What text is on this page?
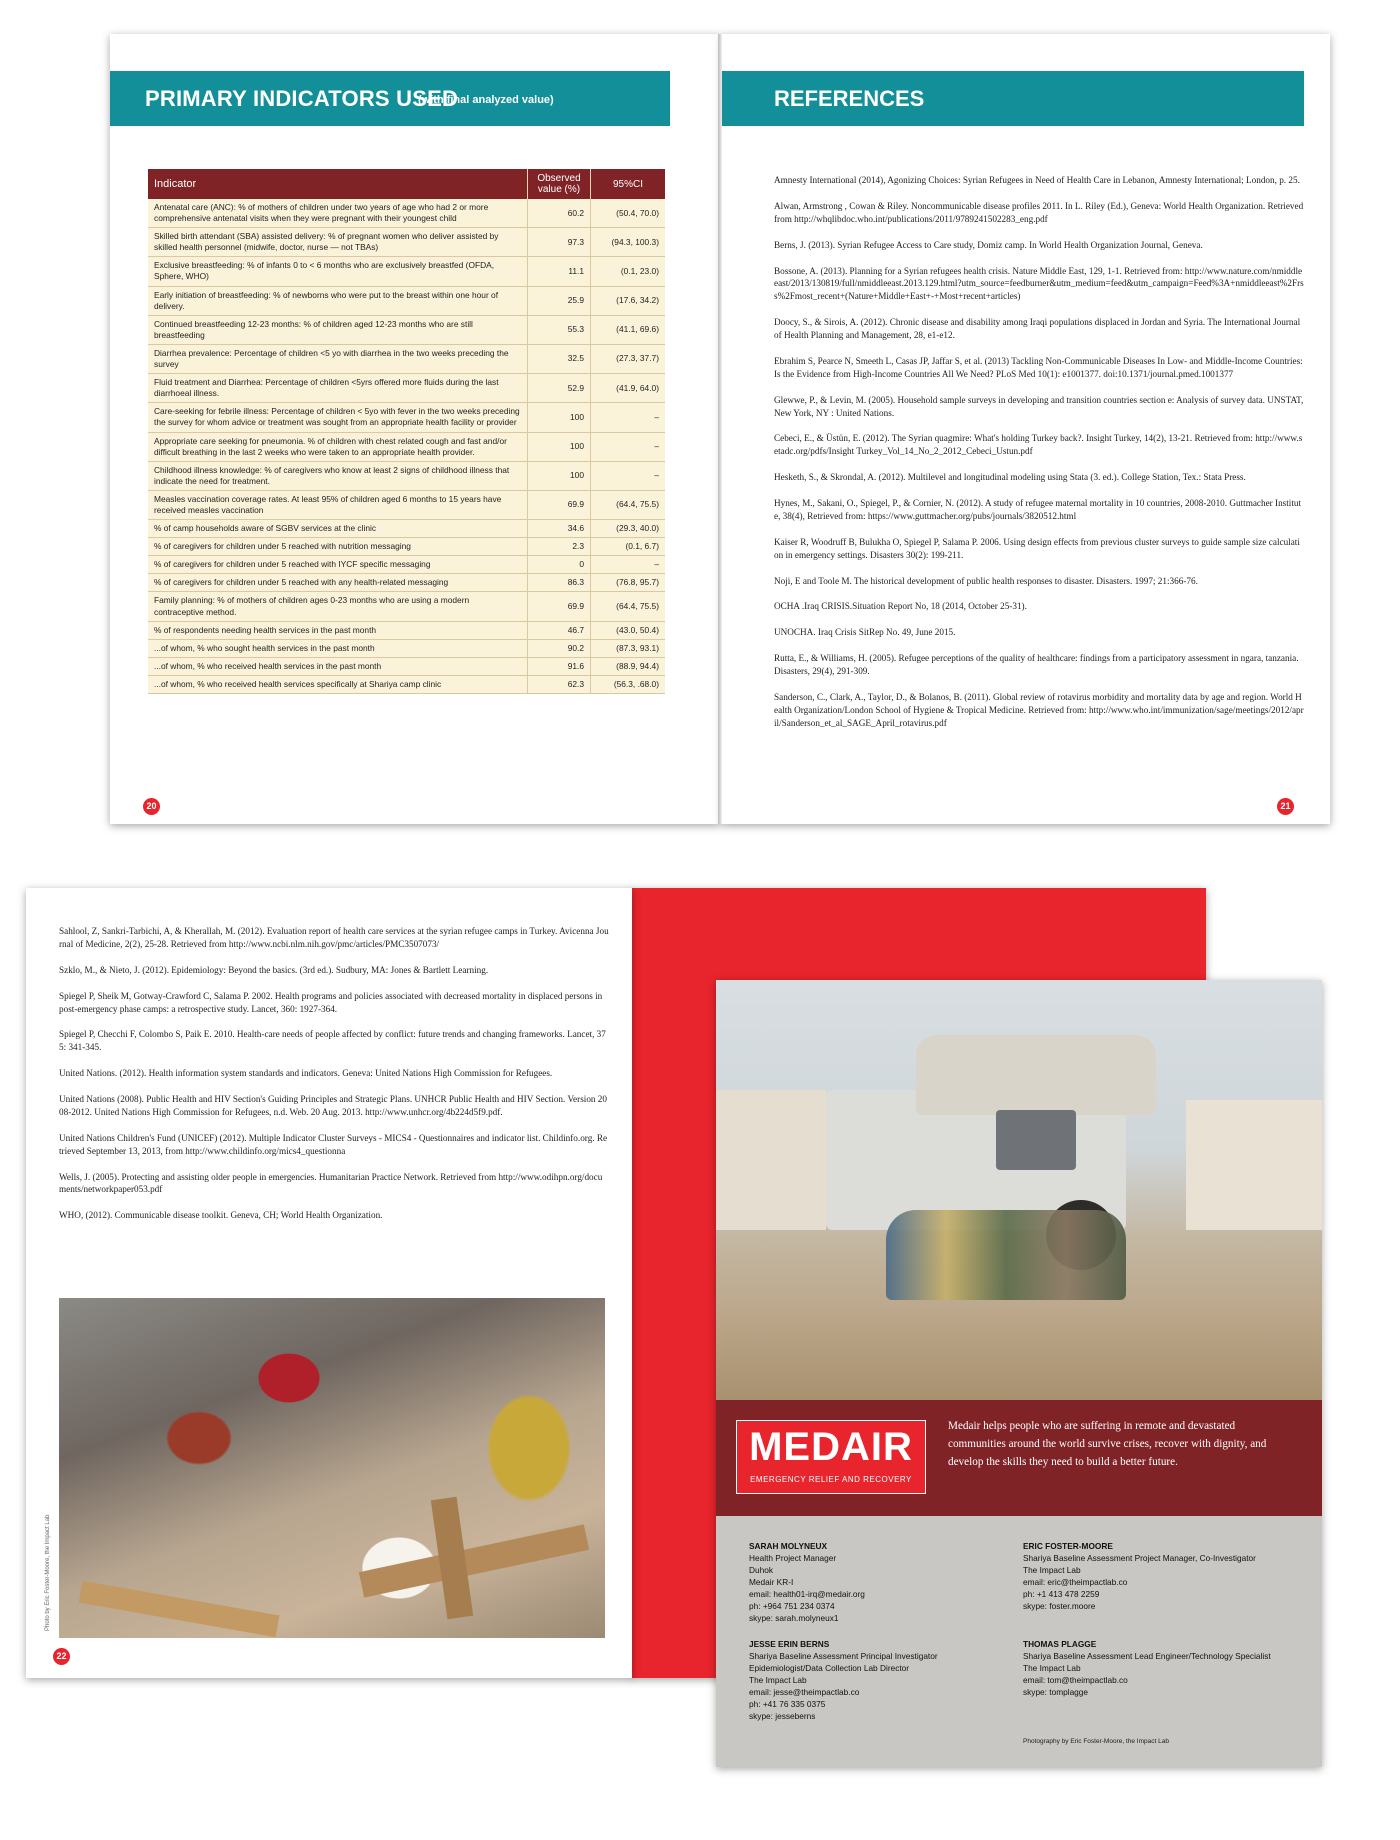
PRIMARY INDICATORS USED
(with final analyzed value)
Indicator	Observed value (%)	95%CI
Antenatal care (ANC): % of mothers of children under two years of age who had 2 or more comprehensive antenatal visits when they were pregnant with their youngest child	60.2	(50.4, 70.0)
Skilled birth attendant (SBA) assisted delivery: % of pregnant women who deliver assisted by skilled health personnel (midwife, doctor, nurse — not TBAs)	97.3	(94.3, 100.3)
Exclusive breastfeeding: % of infants 0 to < 6 months who are exclusively breastfed (OFDA, Sphere, WHO)	11.1	(0.1, 23.0)
Early initiation of breastfeeding: % of newborns who were put to the breast within one hour of delivery.	25.9	(17.6, 34.2)
Continued breastfeeding 12-23 months: % of children aged 12-23 months who are still breastfeeding	55.3	(41.1, 69.6)
Diarrhea prevalence: Percentage of children <5 yo with diarrhea in the two weeks preceding the survey	32.5	(27.3, 37.7)
Fluid treatment and Diarrhea: Percentage of children <5yrs offered more fluids during the last diarrhoeal illness.	52.9	(41.9, 64.0)
Care-seeking for febrile illness: Percentage of children < 5yo with fever in the two weeks preceding the survey for whom advice or treatment was sought from an appropriate health facility or provider	100	–
Appropriate care seeking for pneumonia. % of children with chest related cough and fast and/or difficult breathing in the last 2 weeks who were taken to an appropriate health provider.	100	–
Childhood illness knowledge: % of caregivers who know at least 2 signs of childhood illness that indicate the need for treatment.	100	–
Measles vaccination coverage rates. At least 95% of children aged 6 months to 15 years have received measles vaccination	69.9	(64.4, 75.5)
% of camp households aware of SGBV services at the clinic	34.6	(29.3, 40.0)
% of caregivers for children under 5 reached with nutrition messaging	2.3	(0.1, 6.7)
% of caregivers for children under 5 reached with IYCF specific messaging	0	–
% of caregivers for children under 5 reached with any health-related messaging	86.3	(76.8, 95.7)
Family planning: % of mothers of children ages 0-23 months who are using a modern contraceptive method.	69.9	(64.4, 75.5)
% of respondents needing health services in the past month	46.7	(43.0, 50.4)
...of whom, % who sought health services in the past month	90.2	(87.3, 93.1)
...of whom, % who received health services in the past month	91.6	(88.9, 94.4)
...of whom, % who received health services specifically at Shariya camp clinic	62.3	(56.3, .68.0)
20
REFERENCES

Amnesty International (2014), Agonizing Choices: Syrian Refugees in Need of Health Care in Lebanon, Amnesty International; London, p. 25.

Alwan, Armstrong , Cowan & Riley. Noncommunicable disease profiles 2011. In L. Riley (Ed.), Geneva: World Health Organization. Retrieved from http://whqlibdoc.who.int/publications/2011/9789241502283_eng.pdf

Berns, J. (2013). Syrian Refugee Access to Care study, Domiz camp. In World Health Organization Journal, Geneva.

Bossone, A. (2013). Planning for a Syrian refugees health crisis. Nature Middle East, 129, 1-1. Retrieved from: http://www.nature.com/nmiddleeast/2013/130819/full/nmiddleeast.2013.129.html?utm_source=feedburner&utm_medium=feed&utm_campaign=Feed%3A+nmiddleeast%2Frss%2Fmost_recent+(Nature+Middle+East+-+Most+recent+articles)

Doocy, S., & Sirois, A. (2012). Chronic disease and disability among Iraqi populations displaced in Jordan and Syria. The International Journal of Health Planning and Management, 28, e1-e12.

Ebrahim S, Pearce N, Smeeth L, Casas JP, Jaffar S, et al. (2013) Tackling Non-Communicable Diseases In Low- and Middle-Income Countries: Is the Evidence from High-Income Countries All We Need? PLoS Med 10(1): e1001377. doi:10.1371/journal.pmed.1001377

Glewwe, P., & Levin, M. (2005). Household sample surveys in developing and transition countries section e: Analysis of survey data. UNSTAT, New York, NY : United Nations.

Cebeci, E., & Üstün, E. (2012). The Syrian quagmire: What's holding Turkey back?. Insight Turkey, 14(2), 13-21. Retrieved from: http://www.setadc.org/pdfs/Insight Turkey_Vol_14_No_2_2012_Cebeci_Ustun.pdf

Hesketh, S., & Skrondal, A. (2012). Multilevel and longitudinal modeling using Stata (3. ed.). College Station, Tex.: Stata Press.

Hynes, M., Sakani, O., Spiegel, P., & Cornier, N. (2012). A study of refugee maternal mortality in 10 countries, 2008-2010. Guttmacher Institute, 38(4), Retrieved from: https://www.guttmacher.org/pubs/journals/3820512.html

Kaiser R, Woodruff B, Bulukha O, Spiegel P, Salama P. 2006. Using design effects from previous cluster surveys to guide sample size calculation in emergency settings. Disasters 30(2): 199-211.

Noji, E and Toole M. The historical development of public health responses to disaster. Disasters. 1997; 21:366-76.

OCHA .Iraq CRISIS.Situation Report No, 18 (2014, October 25-31).

UNOCHA. Iraq Crisis SitRep No. 49, June 2015.

Rutta, E., & Williams, H. (2005). Refugee perceptions of the quality of healthcare: findings from a participatory assessment in ngara, tanzania. Disasters, 29(4), 291-309.

Sanderson, C., Clark, A., Taylor, D., & Bolanos, B. (2011). Global review of rotavirus morbidity and mortality data by age and region. World Health Organization/London School of Hygiene & Tropical Medicine. Retrieved from: http://www.who.int/immunization/sage/meetings/2012/april/Sanderson_et_al_SAGE_April_rotavirus.pdf

21

Sahlool, Z, Sankri-Tarbichi, A, & Kherallah, M. (2012). Evaluation report of health care services at the syrian refugee camps in Turkey. Avicenna Journal of Medicine, 2(2), 25-28. Retrieved from http://www.ncbi.nlm.nih.gov/pmc/articles/PMC3507073/

Szklo, M., & Nieto, J. (2012). Epidemiology: Beyond the basics. (3rd ed.). Sudbury, MA: Jones & Bartlett Learning.

Spiegel P, Sheik M, Gotway-Crawford C, Salama P. 2002. Health programs and policies associated with decreased mortality in displaced persons in post-emergency phase camps: a retrospective study. Lancet, 360: 1927-364.

Spiegel P, Checchi F, Colombo S, Paik E. 2010. Health-care needs of people affected by conflict: future trends and changing frameworks. Lancet, 375: 341-345.

United Nations. (2012). Health information system standards and indicators. Geneva: United Nations High Commission for Refugees.

United Nations (2008). Public Health and HIV Section's Guiding Principles and Strategic Plans. UNHCR Public Health and HIV Section. Version 2008-2012. United Nations High Commission for Refugees, n.d. Web. 20 Aug. 2013. http://www.unhcr.org/4b224d5f9.pdf.

United Nations Children's Fund (UNICEF) (2012). Multiple Indicator Cluster Surveys - MICS4 - Questionnaires and indicator list. Childinfo.org. Retrieved September 13, 2013, from http://www.childinfo.org/mics4_questionna

Wells, J. (2005). Protecting and assisting older people in emergencies. Humanitarian Practice Network. Retrieved from http://www.odihpn.org/documents/networkpaper053.pdf

WHO, (2012). Communicable disease toolkit. Geneva, CH; World Health Organization.

Photo by Eric Foster-Moore, the Impact Lab
22
MEDAIR
EMERGENCY RELIEF AND RECOVERY
Medair helps people who are suffering in remote and devastated communities around the world survive crises, recover with dignity, and develop the skills they need to build a better future.
SARAH MOLYNEUX
Health Project Manager
Duhok
Medair KR-I
email: health01-irq@medair.org
ph: +964 751 234 0374
skype: sarah.molyneux1
ERIC FOSTER-MOORE
Shariya Baseline Assessment Project Manager, Co-Investigator
The Impact Lab
email: eric@theimpactlab.co
ph: +1 413 478 2259
skype: foster.moore
JESSE ERIN BERNS
Shariya Baseline Assessment Principal Investigator
Epidemiologist/Data Collection Lab Director
The Impact Lab
email: jesse@theimpactlab.co
ph: +41 76 335 0375
skype: jesseberns
THOMAS PLAGGE
Shariya Baseline Assessment Lead Engineer/Technology Specialist
The Impact Lab
email: tom@theimpactlab.co
skype: tomplagge
Photography by Eric Foster-Moore, the Impact Lab
